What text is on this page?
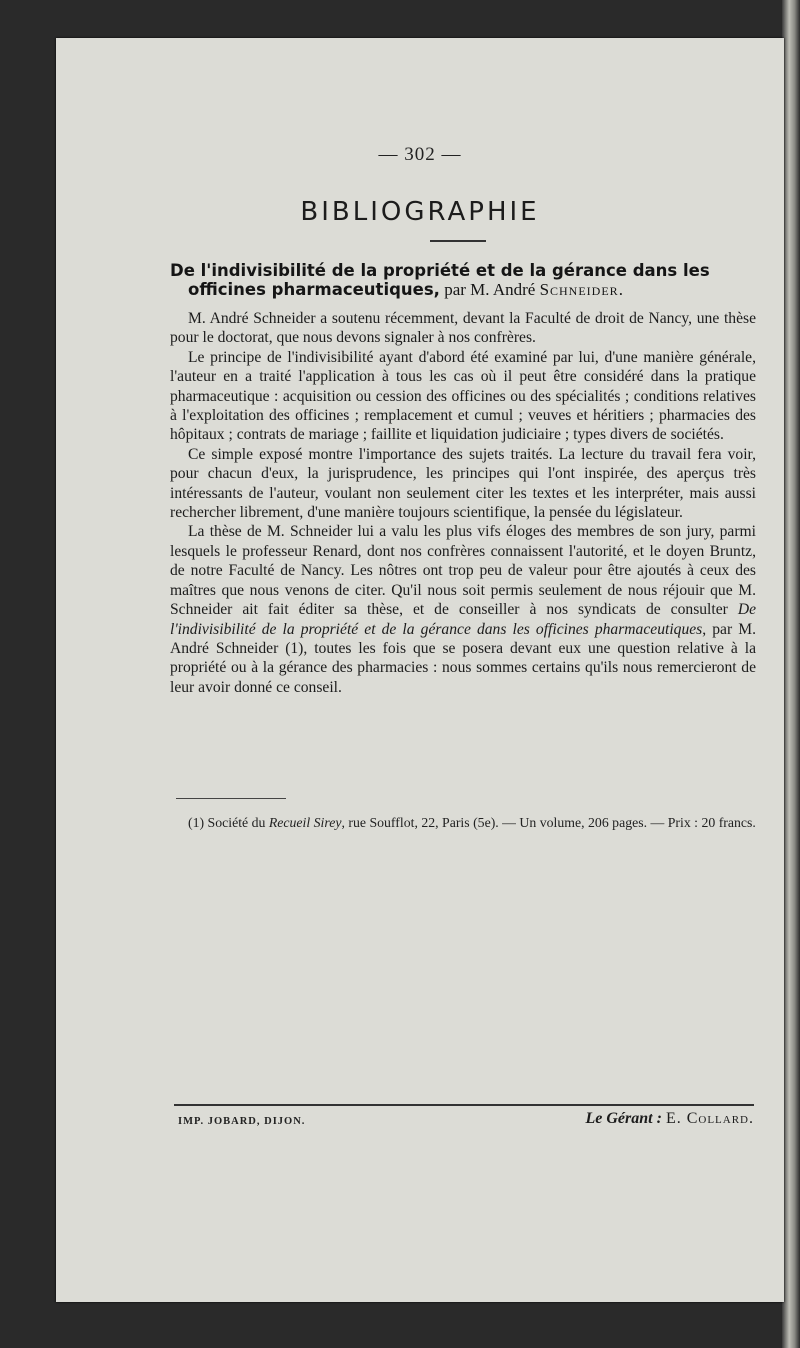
— 302 —
BIBLIOGRAPHIE
De l'indivisibilité de la propriété et de la gérance dans les
officines pharmaceutiques, par M. André Schneider.

M. André Schneider a soutenu récemment, devant la Faculté de droit de Nancy, une thèse pour le doctorat, que nous devons signaler à nos confrères.

Le principe de l'indivisibilité ayant d'abord été examiné par lui, d'une manière générale, l'auteur en a traité l'application à tous les cas où il peut être considéré dans la pratique pharmaceutique : acquisition ou cession des officines ou des spécialités ; conditions relatives à l'exploitation des officines ; remplacement et cumul ; veuves et héritiers ; pharmacies des hôpitaux ; contrats de mariage ; faillite et liquidation judiciaire ; types divers de sociétés.

Ce simple exposé montre l'importance des sujets traités. La lecture du travail fera voir, pour chacun d'eux, la jurisprudence, les principes qui l'ont inspirée, des aperçus très intéressants de l'auteur, voulant non seulement citer les textes et les interpréter, mais aussi rechercher librement, d'une manière toujours scientifique, la pensée du législateur.

La thèse de M. Schneider lui a valu les plus vifs éloges des membres de son jury, parmi lesquels le professeur Renard, dont nos confrères connaissent l'autorité, et le doyen Bruntz, de notre Faculté de Nancy. Les nôtres ont trop peu de valeur pour être ajoutés à ceux des maîtres que nous venons de citer. Qu'il nous soit permis seulement de nous réjouir que M. Schneider ait fait éditer sa thèse, et de conseiller à nos syndicats de consulter De l'indivisibilité de la propriété et de la gérance dans les officines pharmaceutiques, par M. André Schneider (1), toutes les fois que se posera devant eux une question relative à la propriété ou à la gérance des pharmacies : nous sommes certains qu'ils nous remercieront de leur avoir donné ce conseil.

(1) Société du Recueil Sirey, rue Soufflot, 22, Paris (5e). — Un volume, 206 pages. — Prix : 20 francs.

IMP. JOBARD, DIJON.	Le Gérant : E. Collard.
